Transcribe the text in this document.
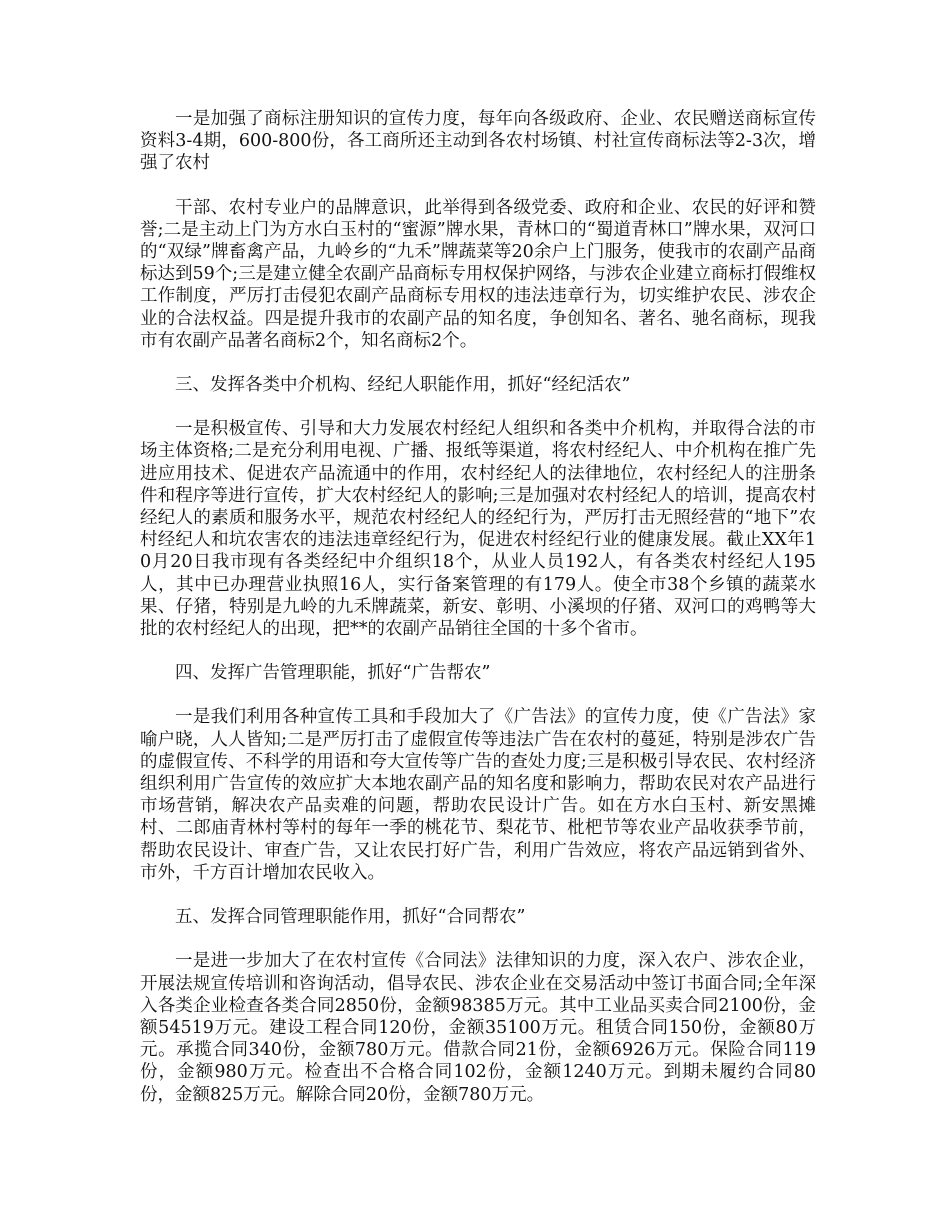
一是加强了商标注册知识的宣传力度，每年向各级政府、企业、农民赠送商标宣传资料3-4期，600-800份，各工商所还主动到各农村场镇、村社宣传商标法等2-3次，增强了农村

干部、农村专业户的品牌意识，此举得到各级党委、政府和企业、农民的好评和赞誉;二是主动上门为方水白玉村的“蜜源”牌水果，青林口的“蜀道青林口”牌水果，双河口的“双绿”牌畜禽产品，九岭乡的“九禾”牌蔬菜等20余户上门服务，使我市的农副产品商标达到59个;三是建立健全农副产品商标专用权保护网络，与涉农企业建立商标打假维权工作制度，严厉打击侵犯农副产品商标专用权的违法违章行为，切实维护农民、涉农企业的合法权益。四是提升我市的农副产品的知名度，争创知名、著名、驰名商标，现我市有农副产品著名商标2个，知名商标2个。

三、发挥各类中介机构、经纪人职能作用，抓好“经纪活农”

一是积极宣传、引导和大力发展农村经纪人组织和各类中介机构，并取得合法的市场主体资格;二是充分利用电视、广播、报纸等渠道，将农村经纪人、中介机构在推广先进应用技术、促进农产品流通中的作用，农村经纪人的法律地位，农村经纪人的注册条件和程序等进行宣传，扩大农村经纪人的影响;三是加强对农村经纪人的培训，提高农村经纪人的素质和服务水平，规范农村经纪人的经纪行为，严厉打击无照经营的“地下”农村经纪人和坑农害农的违法违章经纪行为，促进农村经纪行业的健康发展。截止XX年10月20日我市现有各类经纪中介组织18个，从业人员192人，有各类农村经纪人195人，其中已办理营业执照16人，实行备案管理的有179人。使全市38个乡镇的蔬菜水果、仔猪，特别是九岭的九禾牌蔬菜，新安、彰明、小溪坝的仔猪、双河口的鸡鸭等大批的农村经纪人的出现，把**的农副产品销往全国的十多个省市。

四、发挥广告管理职能，抓好“广告帮农”

一是我们利用各种宣传工具和手段加大了《广告法》的宣传力度，使《广告法》家喻户晓，人人皆知;二是严厉打击了虚假宣传等违法广告在农村的蔓延，特别是涉农广告的虚假宣传、不科学的用语和夸大宣传等广告的查处力度;三是积极引导农民、农村经济组织利用广告宣传的效应扩大本地农副产品的知名度和影响力，帮助农民对农产品进行市场营销，解决农产品卖难的问题，帮助农民设计广告。如在方水白玉村、新安黑摊村、二郎庙青林村等村的每年一季的桃花节、梨花节、枇杷节等农业产品收获季节前，帮助农民设计、审查广告，又让农民打好广告，利用广告效应，将农产品远销到省外、市外，千方百计增加农民收入。

五、发挥合同管理职能作用，抓好“合同帮农”

一是进一步加大了在农村宣传《合同法》法律知识的力度，深入农户、涉农企业，开展法规宣传培训和咨询活动，倡导农民、涉农企业在交易活动中签订书面合同;全年深入各类企业检查各类合同2850份，金额98385万元。其中工业品买卖合同2100份，金额54519万元。建设工程合同120份，金额35100万元。租赁合同150份，金额80万元。承揽合同340份，金额780万元。借款合同21份，金额6926万元。保险合同119份，金额980万元。检查出不合格合同102份，金额1240万元。到期未履约合同80份，金额825万元。解除合同20份，金额780万元。
